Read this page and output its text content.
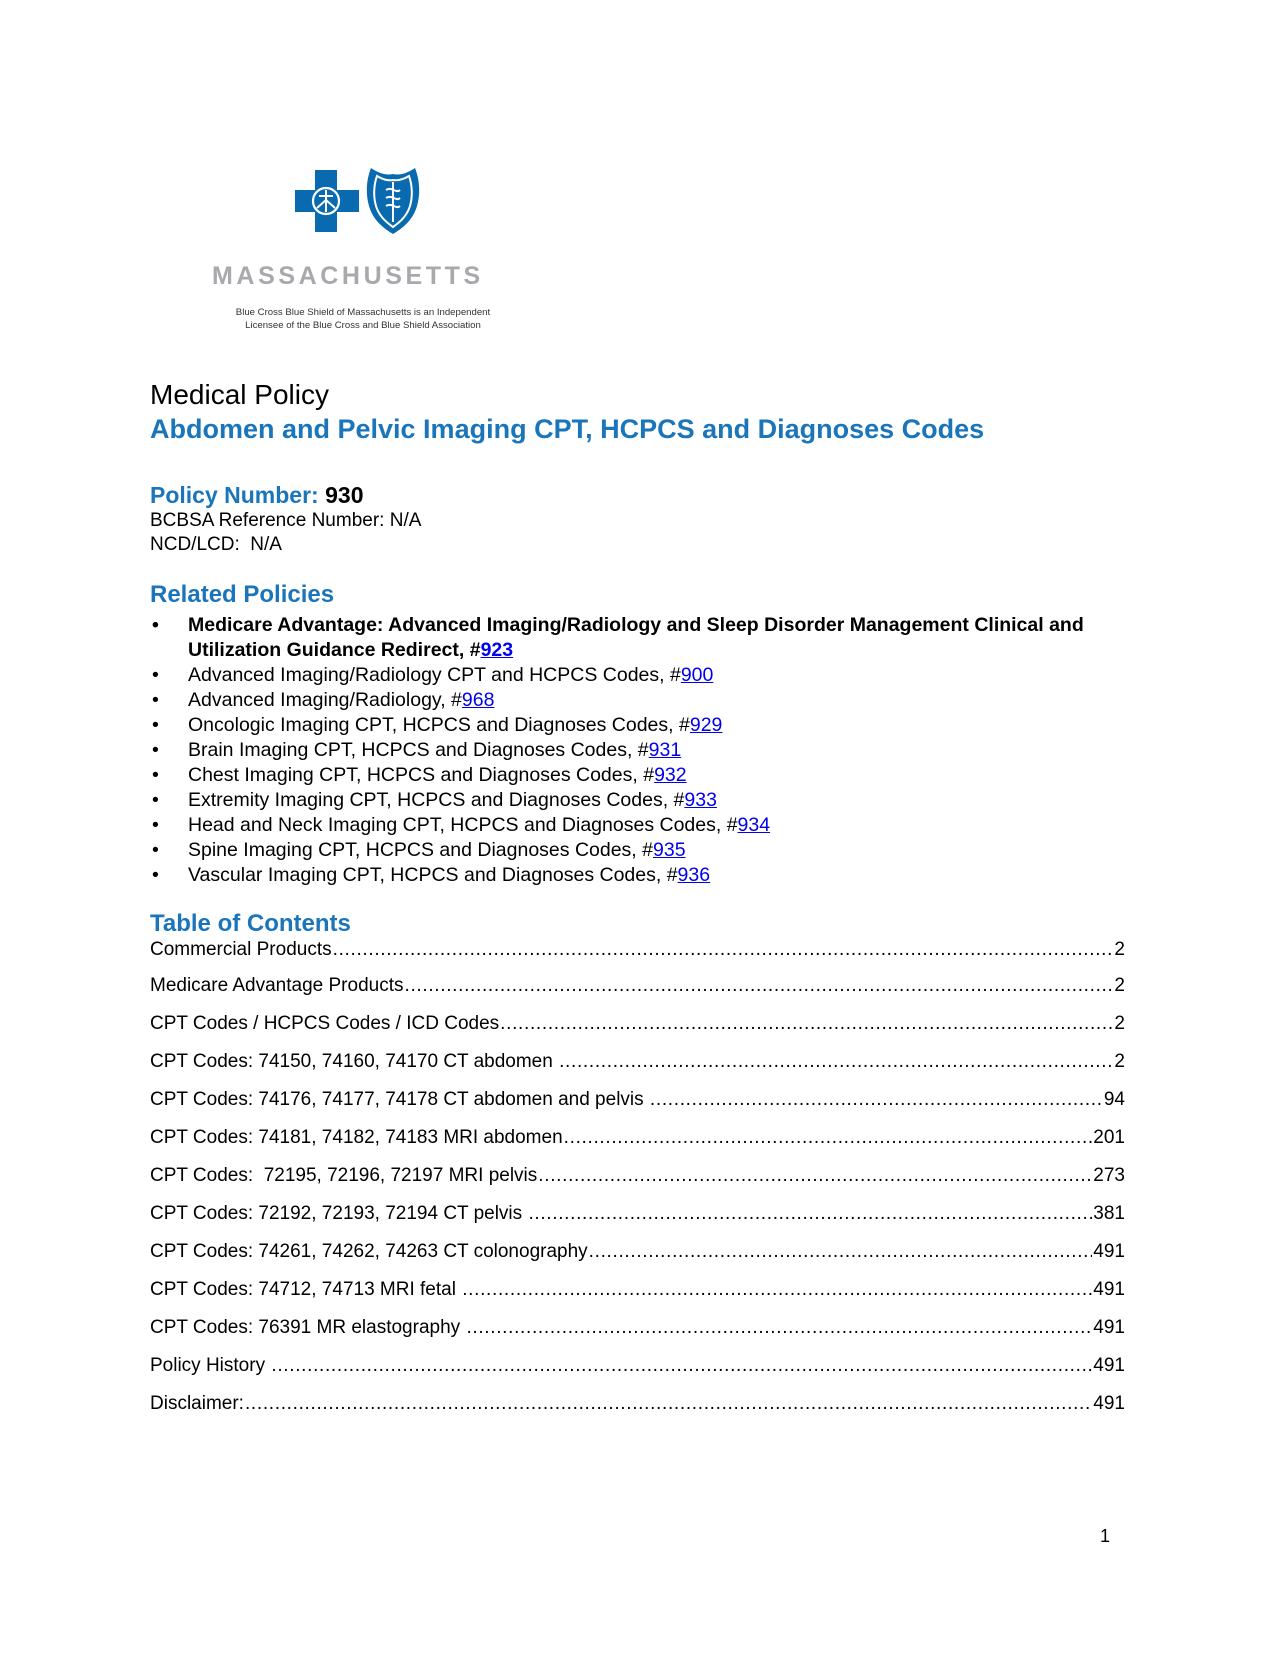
MASSACHUSETTS
Blue Cross Blue Shield of Massachusetts is an Independent
Licensee of the Blue Cross and Blue Shield Association
Medical Policy
Abdomen and Pelvic Imaging CPT, HCPCS and Diagnoses Codes
Policy Number: 930
BCBSA Reference Number: N/A
NCD/LCD:  N/A
Related Policies
• Medicare Advantage: Advanced Imaging/Radiology and Sleep Disorder Management Clinical and Utilization Guidance Redirect, #923
• Advanced Imaging/Radiology CPT and HCPCS Codes, #900
• Advanced Imaging/Radiology, #968
• Oncologic Imaging CPT, HCPCS and Diagnoses Codes, #929
• Brain Imaging CPT, HCPCS and Diagnoses Codes, #931
• Chest Imaging CPT, HCPCS and Diagnoses Codes, #932
• Extremity Imaging CPT, HCPCS and Diagnoses Codes, #933
• Head and Neck Imaging CPT, HCPCS and Diagnoses Codes, #934
• Spine Imaging CPT, HCPCS and Diagnoses Codes, #935
• Vascular Imaging CPT, HCPCS and Diagnoses Codes, #936
Table of Contents
Commercial Products . . .	2
Medicare Advantage Products . . .	2
CPT Codes / HCPCS Codes / ICD Codes . . .	2
CPT Codes: 74150, 74160, 74170 CT abdomen . . .	2
CPT Codes: 74176, 74177, 74178 CT abdomen and pelvis . . .	94
CPT Codes: 74181, 74182, 74183 MRI abdomen . . .	201
CPT Codes:  72195, 72196, 72197 MRI pelvis . . .	273
CPT Codes: 72192, 72193, 72194 CT pelvis . . .	381
CPT Codes: 74261, 74262, 74263 CT colonography . . .	491
CPT Codes: 74712, 74713 MRI fetal . . .	491
CPT Codes: 76391 MR elastography . . .	491
Policy History . . .	491
Disclaimer: . . .	491
1
